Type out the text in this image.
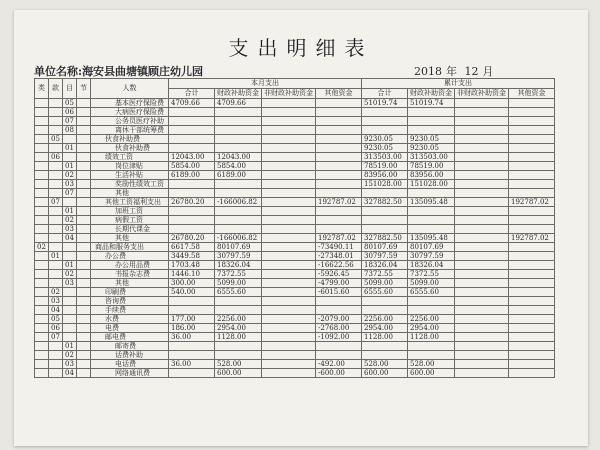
支出明细表
单位名称:海安县曲塘镇顾庄幼儿园	2018 年 12 月
类	款	目	节	人数	本月支出				累计支出			
					合计	财政补助资金	非财政补助资金	其他资金	合计	财政补助资金	非财政补助资金	其他资金
		05		基本医疗保险费	4709.66	4709.66			51019.74	51019.74		
		06		大病医疗保险费								
		07		公务员医疗补助								
		08		离休干部统筹费								
	05			伙食补助费					9230.05	9230.05		
		01		伙食补助费					9230.05	9230.05		
	06			绩效工资	12043.00	12043.00			313503.00	313503.00		
		01		岗位津贴	5854.00	5854.00			78519.00	78519.00		
		02		生活补贴	6189.00	6189.00			83956.00	83956.00		
		03		奖励性绩效工资					151028.00	151028.00		
		07		其他								
	07			其他工资福利支出	26780.20	-166006.82		192787.02	327882.50	135095.48		192787.02
		01		加班工资								
		02		病假工资								
		03		长期代课金								
		04		其他	26780.20	-166006.82		192787.02	327882.50	135095.48		192787.02
02				商品和服务支出	6617.58	80107.69		-73490.11	80107.69	80107.69		
	01			办公费	3449.58	30797.59		-27348.01	30797.59	30797.59		
		01		办公用品费	1703.48	18326.04		-16622.56	18326.04	18326.04		
		02		书报杂志费	1446.10	7372.55		-5926.45	7372.55	7372.55		
		03		其他	300.00	5099.00		-4799.00	5099.00	5099.00		
	02			印刷费	540.00	6555.60		-6015.60	6555.60	6555.60		
	03			咨询费								
	04			手续费								
	05			水费	177.00	2256.00		-2079.00	2256.00	2256.00		
	06			电费	186.00	2954.00		-2768.00	2954.00	2954.00		
	07			邮电费	36.00	1128.00		-1092.00	1128.00	1128.00		
		01		邮寄费								
		02		话费补助								
		03		电话费	36.00	528.00		-492.00	528.00	528.00		
		04		网络通讯费		600.00		-600.00	600.00	600.00		
